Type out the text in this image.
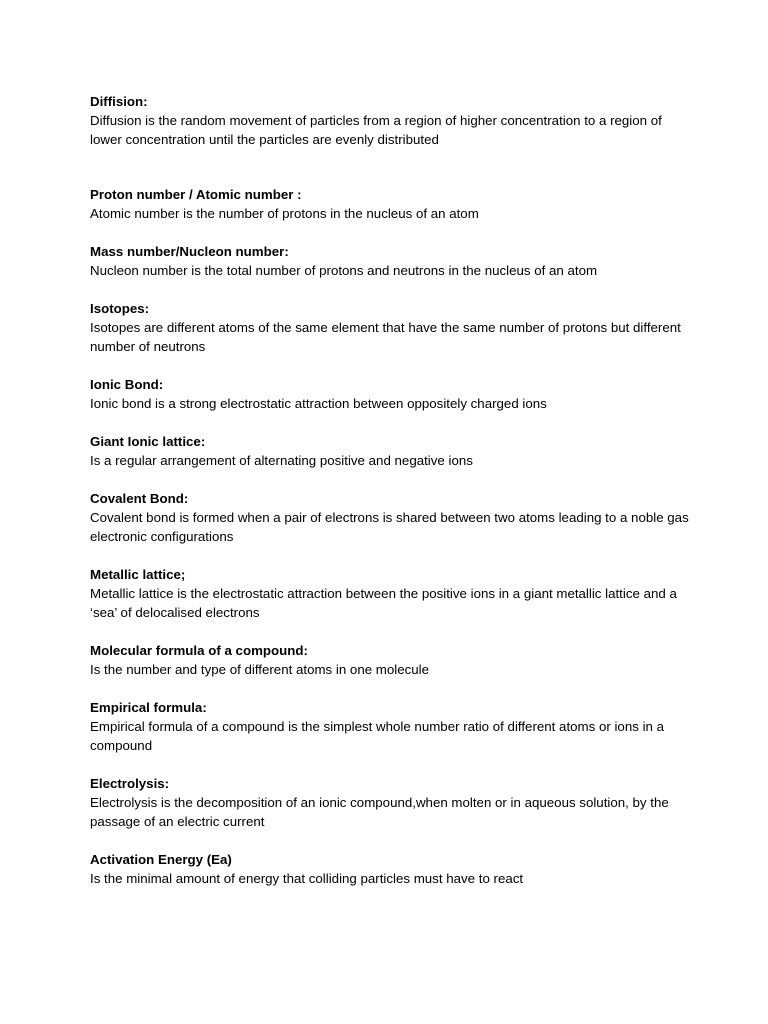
Diffision:
Diffusion is the random movement of particles from a region of higher concentration to a region of lower concentration until the particles are evenly distributed
Proton number / Atomic number :
Atomic number is the number of protons in the nucleus of an atom
Mass number/Nucleon number:
Nucleon number is the total number of protons and neutrons in the nucleus of an atom
Isotopes:
Isotopes are different atoms of the same element that have the same number of protons but different number of neutrons
Ionic Bond:
Ionic bond is a strong electrostatic attraction between oppositely charged ions
Giant Ionic lattice:
Is a regular arrangement of alternating positive and negative ions
Covalent Bond:
Covalent bond is formed when a pair of electrons is shared between two atoms leading to a noble gas electronic configurations
Metallic lattice;
Metallic lattice is the electrostatic attraction between the positive ions in a giant metallic lattice and a ‘sea’ of delocalised electrons
Molecular formula of a compound:
Is the number and type of different atoms in one molecule
Empirical formula:
Empirical formula of a compound is the simplest whole number ratio of different atoms or ions in a compound
Electrolysis:
Electrolysis is the decomposition of an ionic compound,when molten or in aqueous solution, by the passage of an electric current
Activation Energy (Ea)
Is the minimal amount of energy that colliding particles must have to react
